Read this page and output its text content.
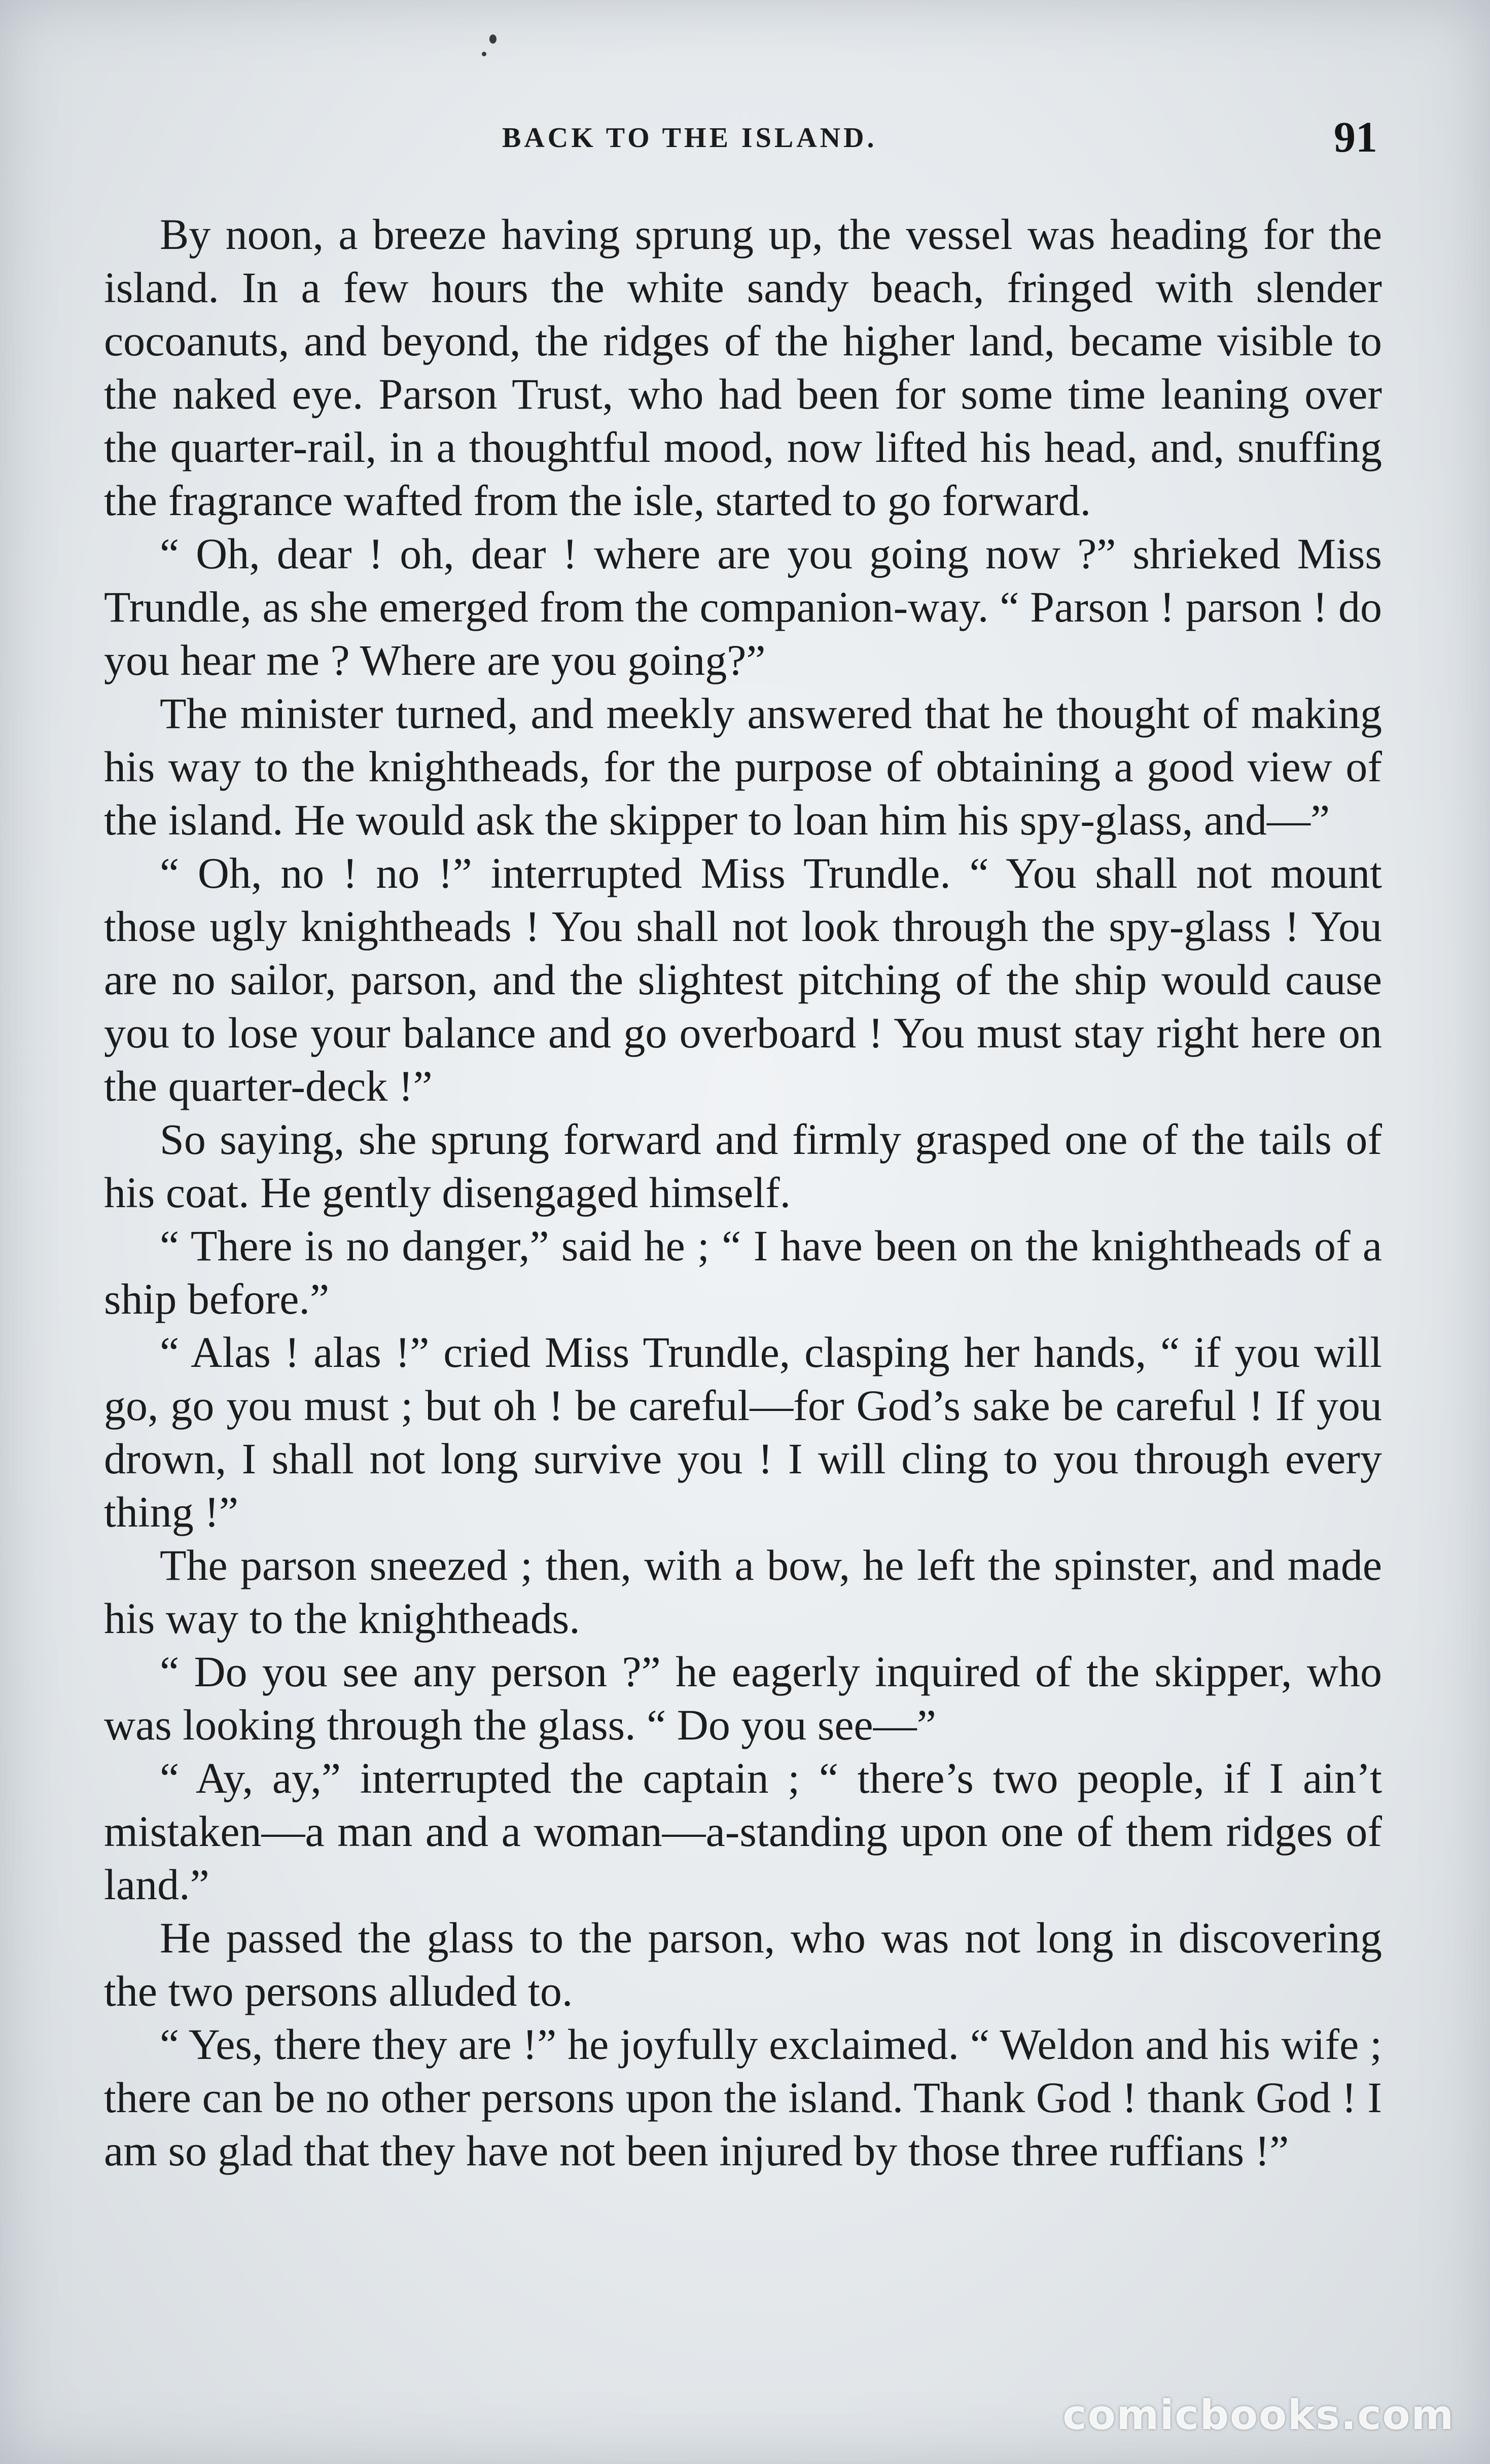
BACK TO THE ISLAND.	91

By noon, a breeze having sprung up, the vessel was heading for the island. In a few hours the white sandy beach, fringed with slender cocoanuts, and beyond, the ridges of the higher land, became visible to the naked eye. Parson Trust, who had been for some time leaning over the quarter-rail, in a thoughtful mood, now lifted his head, and, snuffing the fragrance wafted from the isle, started to go forward.

“ Oh, dear ! oh, dear ! where are you going now ?” shrieked Miss Trundle, as she emerged from the companion-way. “ Parson ! parson ! do you hear me ? Where are you going?”

The minister turned, and meekly answered that he thought of making his way to the knightheads, for the purpose of obtaining a good view of the island. He would ask the skipper to loan him his spy-glass, and—”

“ Oh, no ! no !” interrupted Miss Trundle. “ You shall not mount those ugly knightheads ! You shall not look through the spy-glass ! You are no sailor, parson, and the slightest pitching of the ship would cause you to lose your balance and go overboard ! You must stay right here on the quarter-deck !”

So saying, she sprung forward and firmly grasped one of the tails of his coat. He gently disengaged himself.

“ There is no danger,” said he ; “ I have been on the knightheads of a ship before.”

“ Alas ! alas !” cried Miss Trundle, clasping her hands, “ if you will go, go you must ; but oh ! be careful—for God’s sake be careful ! If you drown, I shall not long survive you ! I will cling to you through every thing !”

The parson sneezed ; then, with a bow, he left the spinster, and made his way to the knightheads.

“ Do you see any person ?” he eagerly inquired of the skipper, who was looking through the glass. “ Do you see—”

“ Ay, ay,” interrupted the captain ; “ there’s two people, if I ain’t mistaken—a man and a woman—a-standing upon one of them ridges of land.”

He passed the glass to the parson, who was not long in discovering the two persons alluded to.

“ Yes, there they are !” he joyfully exclaimed. “ Weldon and his wife ; there can be no other persons upon the island. Thank God ! thank God ! I am so glad that they have not been injured by those three ruffians !”

comicbooks.com
